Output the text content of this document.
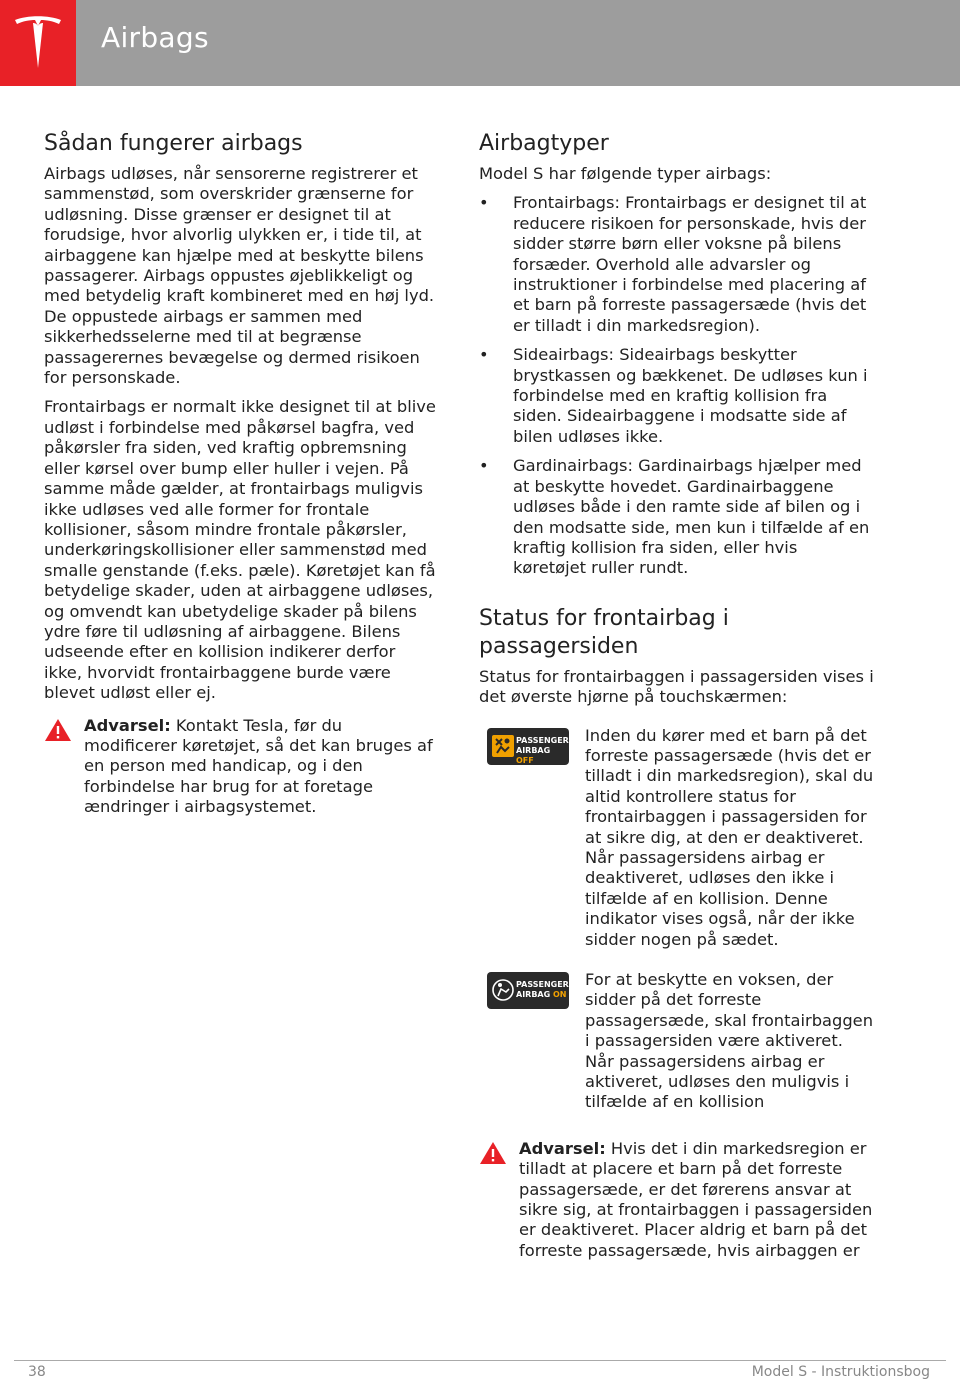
Airbags
Sådan fungerer airbags

Airbags udløses, når sensorerne registrerer et sammenstød, som overskrider grænserne for udløsning. Disse grænser er designet til at forudsige, hvor alvorlig ulykken er, i tide til, at airbaggene kan hjælpe med at beskytte bilens passagerer. Airbags oppustes øjeblikkeligt og med betydelig kraft kombineret med en høj lyd. De oppustede airbags er sammen med sikkerhedsselerne med til at begrænse passagerernes bevægelse og dermed risikoen for personskade.

Frontairbags er normalt ikke designet til at blive udløst i forbindelse med påkørsel bagfra, ved påkørsler fra siden, ved kraftig opbremsning eller kørsel over bump eller huller i vejen. På samme måde gælder, at frontairbags muligvis ikke udløses ved alle former for frontale kollisioner, såsom mindre frontale påkørsler, underkøringskollisioner eller sammenstød med smalle genstande (f.eks. pæle). Køretøjet kan få betydelige skader, uden at airbaggene udløses, og omvendt kan ubetydelige skader på bilens ydre føre til udløsning af airbaggene. Bilens udseende efter en kollision indikerer derfor ikke, hvorvidt frontairbaggene burde være blevet udløst eller ej.

Advarsel: Kontakt Tesla, før du modificerer køretøjet, så det kan bruges af en person med handicap, og i den forbindelse har brug for at foretage ændringer i airbagsystemet.
Airbagtyper

Model S har følgende typer airbags:

• Frontairbags: Frontairbags er designet til at reducere risikoen for personskade, hvis der sidder større børn eller voksne på bilens forsæder. Overhold alle advarsler og instruktioner i forbindelse med placering af et barn på forreste passagersæde (hvis det er tilladt i din markedsregion).
• Sideairbags: Sideairbags beskytter brystkassen og bækkenet. De udløses kun i forbindelse med en kraftig kollision fra siden. Sideairbaggene i modsatte side af bilen udløses ikke.
• Gardinairbags: Gardinairbags hjælper med at beskytte hovedet. Gardinairbaggene udløses både i den ramte side af bilen og i den modsatte side, men kun i tilfælde af en kraftig kollision fra siden, eller hvis køretøjet ruller rundt.
Status for frontairbag i passagersiden

Status for frontairbaggen i passagersiden vises i det øverste hjørne på touchskærmen:

PASSENGER
AIRBAG OFF
Inden du kører med et barn på det forreste passagersæde (hvis det er tilladt i din markedsregion), skal du altid kontrollere status for frontairbaggen i passagersiden for at sikre dig, at den er deaktiveret. Når passagersidens airbag er deaktiveret, udløses den ikke i tilfælde af en kollision. Denne indikator vises også, når der ikke sidder nogen på sædet.
PASSENGER
AIRBAG ON
For at beskytte en voksen, der sidder på det forreste passagersæde, skal frontairbaggen i passagersiden være aktiveret. Når passagersidens airbag er aktiveret, udløses den muligvis i tilfælde af en kollision
Advarsel: Hvis det i din markedsregion er tilladt at placere et barn på det forreste passagersæde, er det førerens ansvar at sikre sig, at frontairbaggen i passagersiden er deaktiveret. Placer aldrig et barn på det forreste passagersæde, hvis airbaggen er
38	Model S - Instruktionsbog
